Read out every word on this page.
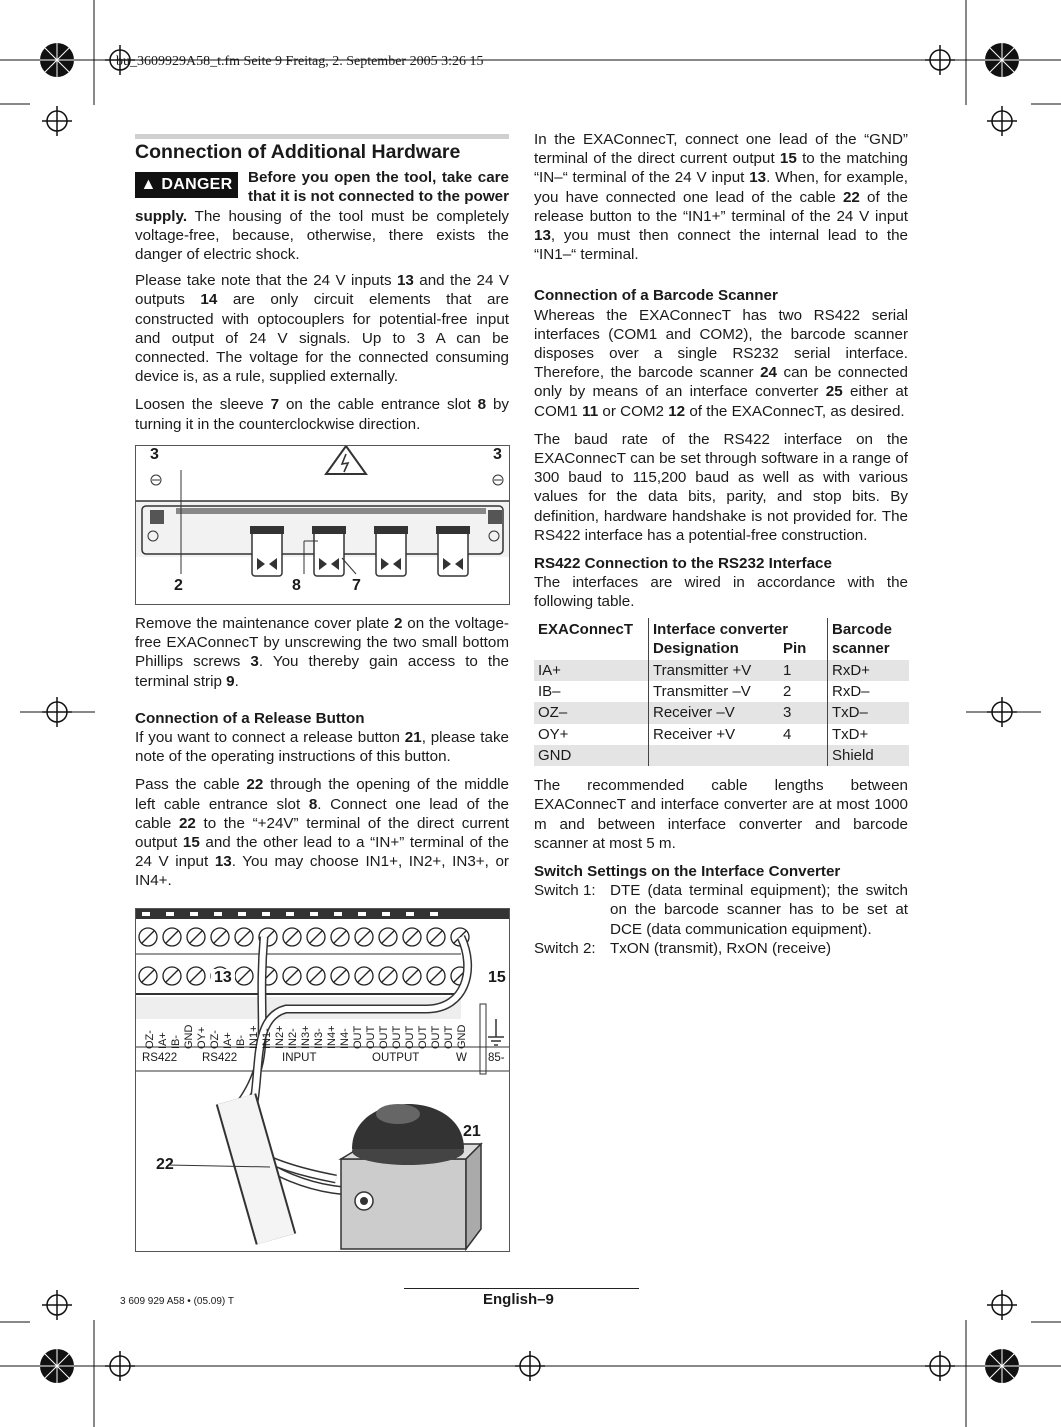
bu_3609929A58_t.fm Seite 9 Freitag, 2. September 2005 3:26 15
Connection of Additional Hardware

▲ DANGER	Before you open the tool, take care that it is not connected to the power supply. The housing of the tool must be completely voltage-free, because, otherwise, there exists the danger of electric shock.

Please take note that the 24 V inputs 13 and the 24 V outputs 14 are only circuit elements that are constructed with optocouplers for potential-free input and output of 24 V signals. Up to 3 A can be connected. The voltage for the connected consuming device is, as a rule, supplied externally.

Loosen the sleeve 7 on the cable entrance slot 8 by turning it in the counterclockwise direction.

3	3
2	8	7

Remove the maintenance cover plate 2 on the voltage-free EXAConnecT by unscrewing the two small bottom Phillips screws 3. You thereby gain access to the terminal strip 9.

Connection of a Release Button

If you want to connect a release button 21, please take note of the operating instructions of this button.

Pass the cable 22 through the opening of the middle left cable entrance slot 8. Connect one lead of the cable 22 to the “+24V” terminal of the direct current output 15 and the other lead to a “IN+” terminal of the 24 V input 13. You may choose IN1+, IN2+, IN3+, or IN4+.

OZ- IA+ IB- GND OY+ OZ- IA+ IB- IN1+ IN1- IN2+ IN2- IN3+ IN3- IN4+ IN4- OUT OUT OUT OUT OUT OUT OUT OUT GND
RS422 RS422	INPUT	OUTPUT	W 85-
13	15
21
22

In the EXAConnecT, connect one lead of the “GND” terminal of the direct current output 15 to the matching “IN–“ terminal of the 24 V input 13. When, for example, you have connected one lead of the cable 22 of the release button to the “IN1+” terminal of the 24 V input 13, you must then connect the internal lead to the “IN1–“ terminal.

Connection of a Barcode Scanner

Whereas the EXAConnecT has two RS422 serial interfaces (COM1 and COM2), the barcode scanner disposes over a single RS232 serial interface. Therefore, the barcode scanner 24 can be connected only by means of an interface converter 25 either at COM1 11 or COM2 12 of the EXAConnecT, as desired.

The baud rate of the RS422 interface on the EXAConnecT can be set through software in a range of 300 baud to 115,200 baud as well as with various values for the data bits, parity, and stop bits. By definition, hardware handshake is not provided for. The RS422 interface has a potential-free construction.

RS422 Connection to the RS232 Interface

The interfaces are wired in accordance with the following table.

EXAConnecT	Interface converter		Barcode
scanner
	Designation	Pin	
IA+	Transmitter +V	1	RxD+
IB–	Transmitter –V	2	RxD–
OZ–	Receiver –V	3	TxD–
OY+	Receiver +V	4	TxD+
GND			Shield

The recommended cable lengths between EXAConnecT and interface converter are at most 1000 m and between interface converter and barcode scanner at most 5 m.

Switch Settings on the Interface Converter
Switch 1: DTE (data terminal equipment); the switch on the barcode scanner has to be set at DCE (data communication equipment).
Switch 2: TxON (transmit), RxON (receive)
3 609 929 A58 • (05.09) T	English–9
